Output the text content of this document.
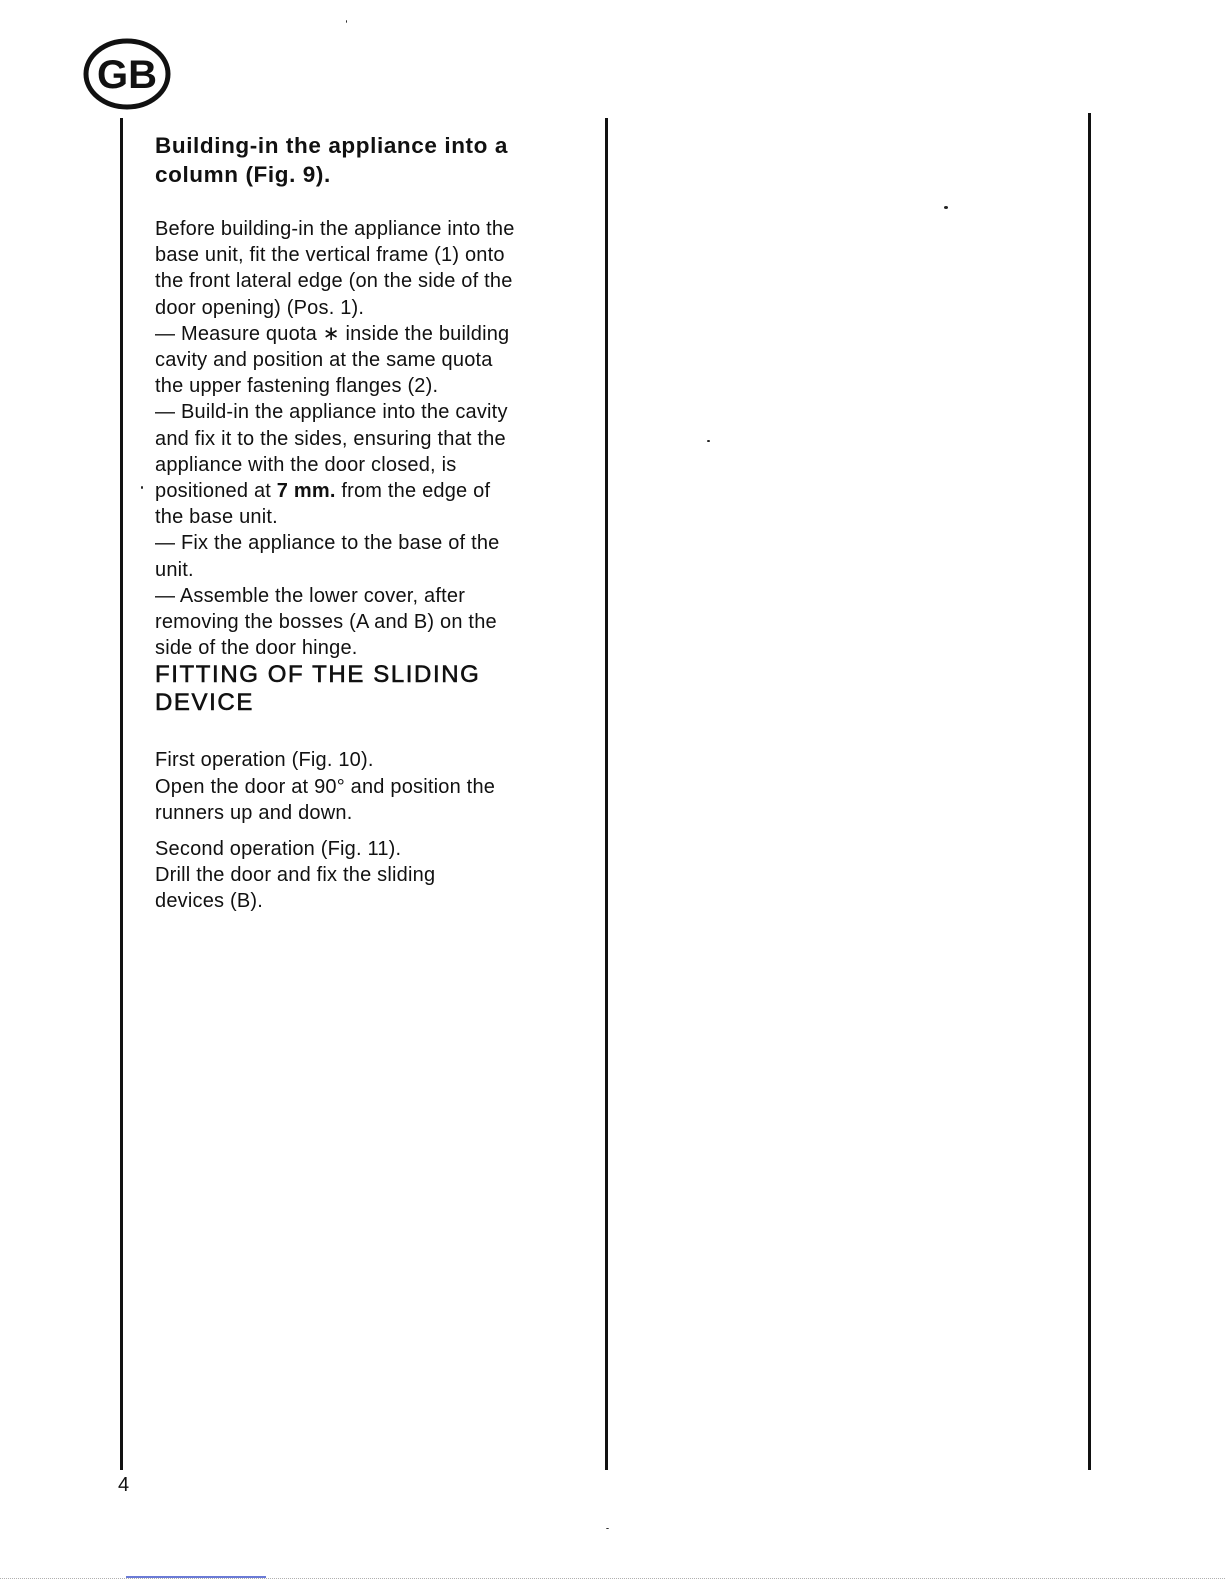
GB
Building-in the appliance into a
column (Fig. 9).

Before building-in the appliance into the
base unit, fit the vertical frame (1) onto
the front lateral edge (on the side of the
door opening) (Pos. 1).
— Measure quota ∗ inside the building
cavity and position at the same quota
the upper fastening flanges (2).
— Build-in the appliance into the cavity
and fix it to the sides, ensuring that the
appliance with the door closed, is
positioned at 7 mm. from the edge of
the base unit.
— Fix the appliance to the base of the
unit.
— Assemble the lower cover, after
removing the bosses (A and B) on the
side of the door hinge.

FITTING OF THE SLIDING
DEVICE

First operation (Fig. 10).
Open the door at 90° and position the
runners up and down.

Second operation (Fig. 11).
Drill the door and fix the sliding
devices (B).

4
